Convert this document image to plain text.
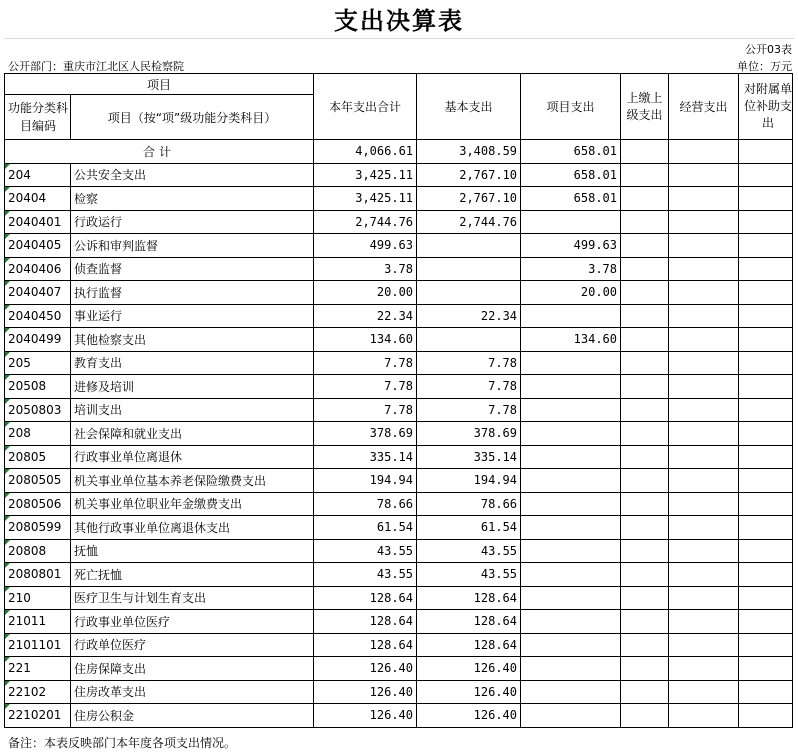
支出决算表
公开03表
公开部门：重庆市江北区人民检察院	单位：万元
项目		本年支出合计	基本支出	项目支出	上缴上级支出	经营支出	对附属单位补助支出
功能分类科目编码	项目（按“项”级功能分类科目）						
合计		4,066.61	3,408.59	658.01			
204	公共安全支出	3,425.11	2,767.10	658.01			
20404	检察	3,425.11	2,767.10	658.01			
2040401	行政运行	2,744.76	2,744.76				
2040405	公诉和审判监督	499.63		499.63			
2040406	侦查监督	3.78		3.78			
2040407	执行监督	20.00		20.00			
2040450	事业运行	22.34	22.34				
2040499	其他检察支出	134.60		134.60			
205	教育支出	7.78	7.78				
20508	进修及培训	7.78	7.78				
2050803	培训支出	7.78	7.78				
208	社会保障和就业支出	378.69	378.69				
20805	行政事业单位离退休	335.14	335.14				
2080505	机关事业单位基本养老保险缴费支出	194.94	194.94				
2080506	机关事业单位职业年金缴费支出	78.66	78.66				
2080599	其他行政事业单位离退休支出	61.54	61.54				
20808	抚恤	43.55	43.55				
2080801	死亡抚恤	43.55	43.55				
210	医疗卫生与计划生育支出	128.64	128.64				
21011	行政事业单位医疗	128.64	128.64				
2101101	行政单位医疗	128.64	128.64				
221	住房保障支出	126.40	126.40				
22102	住房改革支出	126.40	126.40				
2210201	住房公积金	126.40	126.40				
备注：本表反映部门本年度各项支出情况。
